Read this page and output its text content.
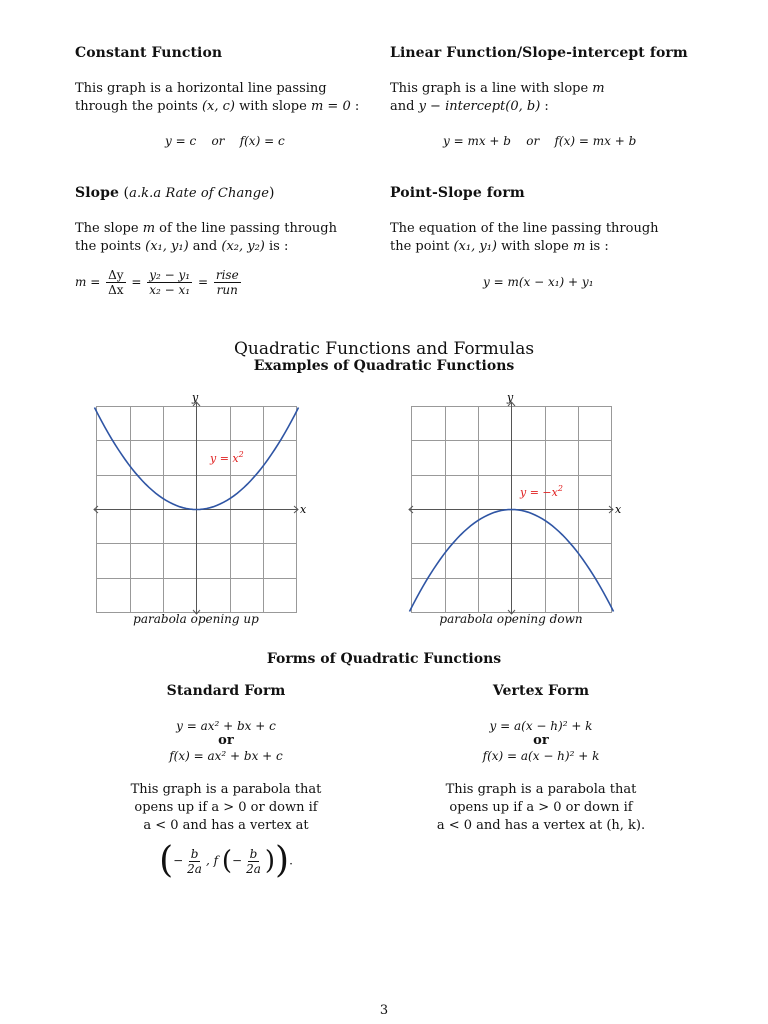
Constant Function
This graph is a horizontal line passing
through the points (x, c) with slope m = 0 :
y = c or f(x) = c
Linear Function/Slope-intercept form
This graph is a line with slope m
and y − intercept(0, b) :
y = mx + b or f(x) = mx + b
Slope (a.k.a Rate of Change)
The slope m of the line passing through
the points (x₁, y₁) and (x₂, y₂) is :
$m = \frac{\Delta y}{\Delta x} = \frac{\text{y₂ − y₁}}{\text{x₂ − x₁}} = \frac{\text{rise}}{\text{run}}$
Point-Slope form
The equation of the line passing through
the point (x₁, y₁) with slope m is :
y = m(x − x₁) + y₁
Quadratic Functions and Formulas
Examples of Quadratic Functions
y
x
$y = x^2$
parabola opening up
y
x
$y = -x^2$
parabola opening down
Forms of Quadratic Functions
Standard Form
y = ax² + bx + c
or
f(x) = ax² + bx + c
This graph is a parabola that
opens up if a > 0 or down if
a < 0 and has a vertex at
(− $\frac{b}{2a}$ , f (− $\frac{b}{2a}$ )).
Vertex Form
y = a(x − h)² + k
or
f(x) = a(x − h)² + k
This graph is a parabola that
opens up if a > 0 or down if
a < 0 and has a vertex at (h, k).
3
